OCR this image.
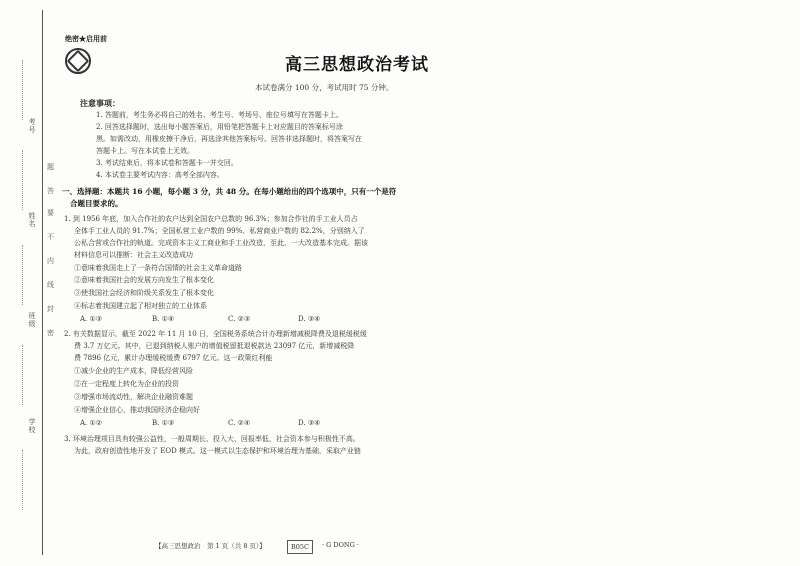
考号
姓名
班级
学校
题
答
要
不
内
线
封
密
绝密★启用前
高三思想政治考试
本试卷满分 100 分，考试用时 75 分钟。
注意事项：
1. 答题前，考生务必将自己的姓名、考生号、考场号、座位号填写在答题卡上。
2. 回答选择题时，选出每小题答案后，用铅笔把答题卡上对应题目的答案标号涂
黑。如需改动，用橡皮擦干净后，再选涂其他答案标号。回答非选择题时，将答案写在
答题卡上。写在本试卷上无效。
3. 考试结束后，将本试卷和答题卡一并交回。
4. 本试卷主要考试内容：高考全部内容。
一、选择题：本题共 16 小题，每小题 3 分，共 48 分。在每小题给出的四个选项中，只有一个是符
合题目要求的。
1. 到 1956 年底，加入合作社的农户达到全国农户总数的 96.3%；参加合作社的手工业人员占
全体手工业人员的 91.7%；全国私营工业户数的 99%、私营商业户数的 82.2%，分别纳入了
公私合营或合作社的轨道。完成资本主义工商业和手工业改造，至此，一大改造基本完成。据该
材料信息可以推断：社会主义改造成功
①意味着我国走上了一条符合国情的社会主义革命道路
②意味着我国社会的发展方向发生了根本变化
③使我国社会经济和阶级关系发生了根本变化
④标志着我国建立起了相对独立的工业体系
A. ①③	B. ①④	C. ②③	D. ③④
2. 有关数据显示，截至 2022 年 11 月 10 日，全国税务系统合计办理新增减税降费及退税缓税缓
费 3.7 万亿元。其中，已退到纳税人账户的增值税留抵退税款达 23097 亿元，新增减税降
费 7896 亿元，累计办理缓税缓费 6797 亿元。这一政策红利能
①减少企业的生产成本，降低经营风险
②在一定程度上转化为企业的投资
③增强市场流动性，解决企业融资难题
④增强企业信心，推动我国经济企稳向好
A. ①②	B. ①③	C. ②④	D. ③④
3. 环境治理项目具有较强公益性，一般周期长、投入大、回报率低，社会资本参与积极性不高。
为此，政府创造性地开发了 EOD 模式。这一模式以生态保护和环境治理为基础，采取产业链
【高三思想政治　第 1 页（共 8 页）】	B05C	· G DONG ·
